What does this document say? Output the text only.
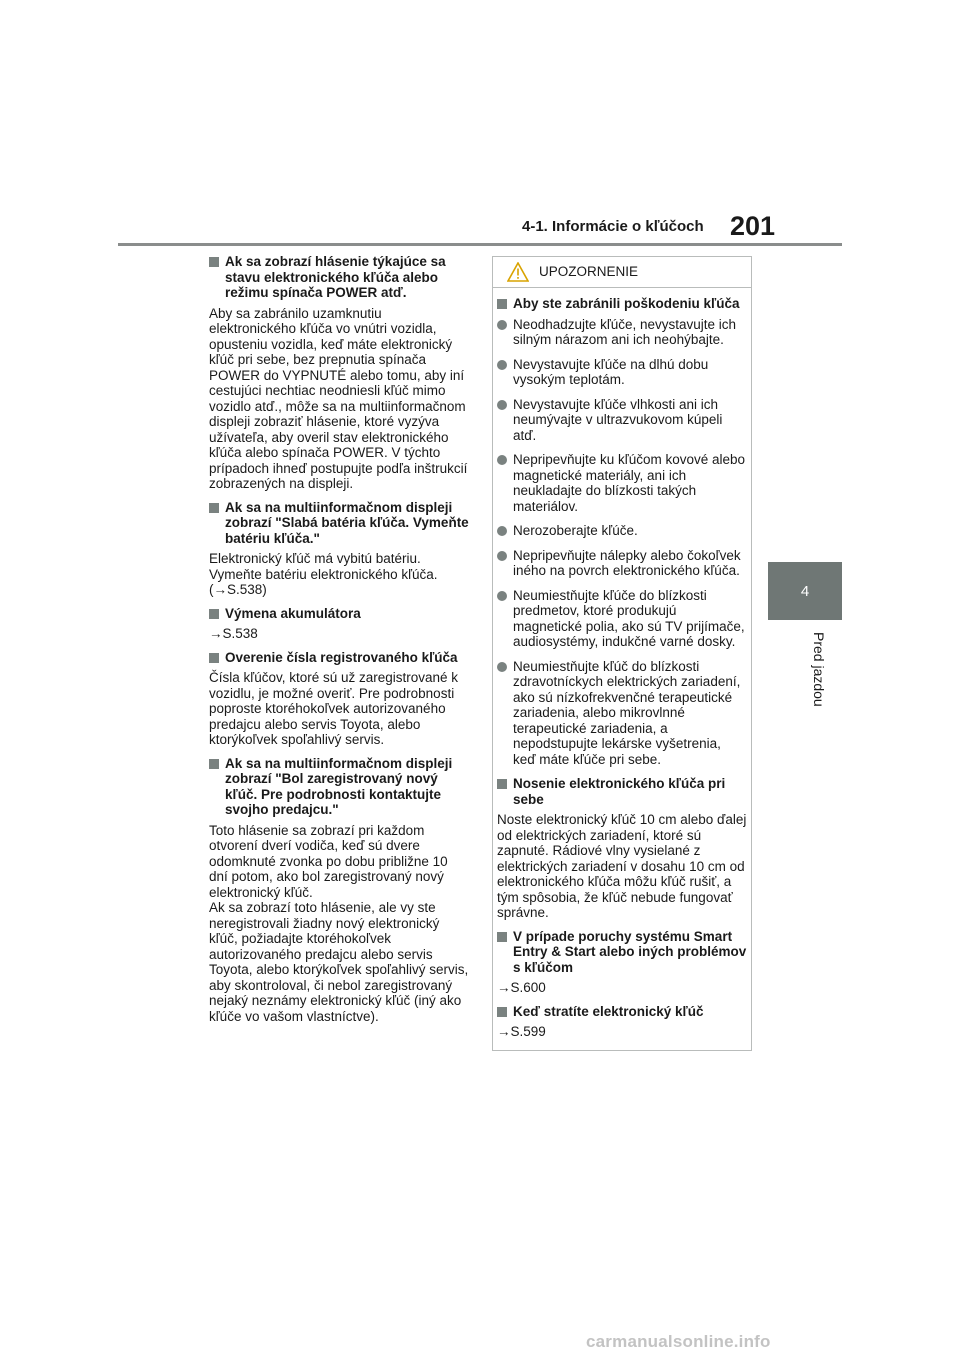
4-1. Informácie o kľúčoch 201
4
Pred jazdou
Ak sa zobrazí hlásenie týkajúce sa stavu elektronického kľúča alebo režimu spínača POWER atď.

Aby sa zabránilo uzamknutiu elektronického kľúča vo vnútri vozidla, opusteniu vozidla, keď máte elektronický kľúč pri sebe, bez prepnutia spínača POWER do VYPNUTÉ alebo tomu, aby iní cestujúci nechtiac neodniesli kľúč mimo vozidlo atď., môže sa na multiinformačnom displeji zobraziť hlásenie, ktoré vyzýva užívateľa, aby overil stav elektronického kľúča alebo spínača POWER. V týchto prípadoch ihneď postupujte podľa inštrukcií zobrazených na displeji.

Ak sa na multiinformačnom displeji zobrazí "Slabá batéria kľúča. Vymeňte batériu kľúča."

Elektronický kľúč má vybitú batériu. Vymeňte batériu elektronického kľúča. (→S.538)

Výmena akumulátora

→S.538

Overenie čísla registrovaného kľúča

Čísla kľúčov, ktoré sú už zaregistrované k vozidlu, je možné overiť. Pre podrobnosti poproste ktoréhokoľvek autorizovaného predajcu alebo servis Toyota, alebo ktorýkoľvek spoľahlivý servis.

Ak sa na multiinformačnom displeji zobrazí "Bol zaregistrovaný nový kľúč. Pre podrobnosti kontaktujte svojho predajcu."

Toto hlásenie sa zobrazí pri každom otvorení dverí vodiča, keď sú dvere odomknuté zvonka po dobu približne 10 dní potom, ako bol zaregistrovaný nový elektronický kľúč.

Ak sa zobrazí toto hlásenie, ale vy ste neregistrovali žiadny nový elektronický kľúč, požiadajte ktoréhokoľvek autorizovaného predajcu alebo servis Toyota, alebo ktorýkoľvek spoľahlivý servis, aby skontroloval, či nebol zaregistrovaný nejaký neznámy elektronický kľúč (iný ako kľúče vo vašom vlastníctve).

UPOZORNENIE
Aby ste zabránili poškodeniu kľúča
Neodhadzujte kľúče, nevystavujte ich silným nárazom ani ich neohýbajte.
Nevystavujte kľúče na dlhú dobu vysokým teplotám.
Nevystavujte kľúče vlhkosti ani ich neumývajte v ultrazvukovom kúpeli atď.
Nepripevňujte ku kľúčom kovové alebo magnetické materiály, ani ich neukladajte do blízkosti takých materiálov.
Nerozoberajte kľúče.
Nepripevňujte nálepky alebo čokoľvek iného na povrch elektronického kľúča.
Neumiestňujte kľúče do blízkosti predmetov, ktoré produkujú magnetické polia, ako sú TV prijímače, audiosystémy, indukčné varné dosky.
Neumiestňujte kľúč do blízkosti zdravotníckych elektrických zariadení, ako sú nízkofrekvenčné terapeutické zariadenia, alebo mikrovlnné terapeutické zariadenia, a nepodstupujte lekárske vyšetrenia, keď máte kľúče pri sebe.
Nosenie elektronického kľúča pri sebe

Noste elektronický kľúč 10 cm alebo ďalej od elektrických zariadení, ktoré sú zapnuté. Rádiové vlny vysielané z elektrických zariadení v dosahu 10 cm od elektronického kľúča môžu kľúč rušiť, a tým spôsobia, že kľúč nebude fungovať správne.

V prípade poruchy systému Smart Entry & Start alebo iných problémov s kľúčom

→S.600

Keď stratíte elektronický kľúč

→S.599

carmanualsonline.info
